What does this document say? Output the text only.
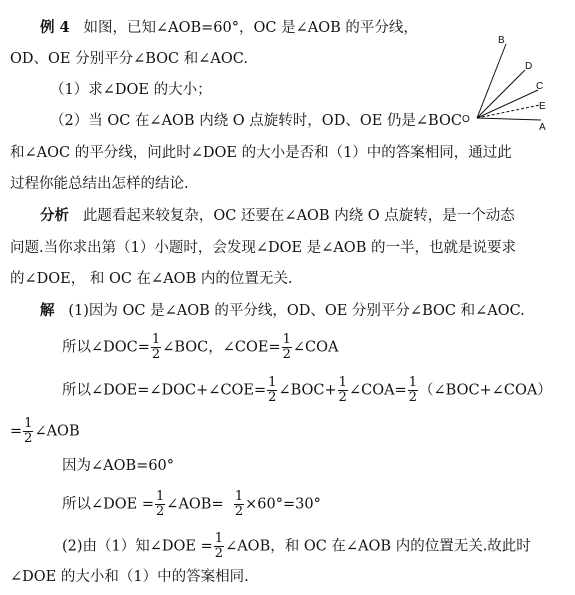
例 4 如图，已知∠AOB=60°，OC 是∠AOB 的平分线，
OD、OE 分别平分∠BOC 和∠AOC.
（1）求∠DOE 的大小；
（2）当 OC 在∠AOB 内绕 O 点旋转时，OD、OE 仍是∠BOC
和∠AOC 的平分线，问此时∠DOE 的大小是否和（1）中的答案相同，通过此
过程你能总结出怎样的结论.
B
D
C
E
O
A
分析 此题看起来较复杂，OC 还要在∠AOB 内绕 O 点旋转，是一个动态
问题.当你求出第（1）小题时，会发现∠DOE 是∠AOB 的一半，也就是说要求
的∠DOE， 和 OC 在∠AOB 内的位置无关.
解 (1)因为 OC 是∠AOB 的平分线，OD、OE 分别平分∠BOC 和∠AOC.
所以∠DOC= $\frac{1}{2}$ ∠BOC，∠COE= $\frac{1}{2}$ ∠COA
所以∠DOE=∠DOC+∠COE= $\frac{1}{2}$ ∠BOC+ $\frac{1}{2}$ ∠COA= $\frac{1}{2}$ （∠BOC+∠COA）
= $\frac{1}{2}$ ∠AOB
因为∠AOB=60°
所以∠DOE = $\frac{1}{2}$ ∠AOB= $\frac{1}{2} \times 60^\circ=30^\circ$
(2)由（1）知∠DOE = $\frac{1}{2}$ ∠AOB，和 OC 在∠AOB 内的位置无关.故此时
∠DOE 的大小和（1）中的答案相同.
